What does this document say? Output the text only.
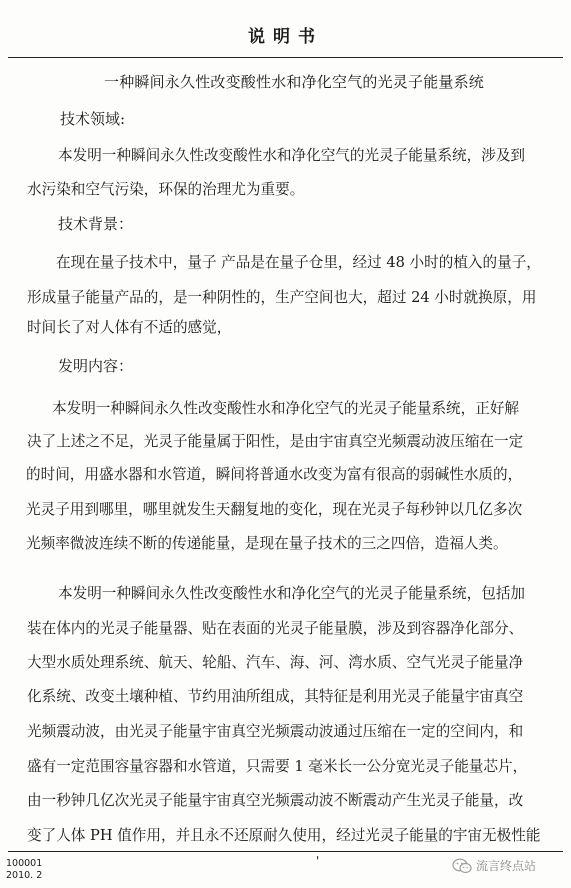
说明书
一种瞬间永久性改变酸性水和净化空气的光灵子能量系统
技术领域:
本发明一种瞬间永久性改变酸性水和净化空气的光灵子能量系统，涉及到
水污染和空气污染，环保的治理尤为重要。
技术背景：
在现在量子技术中，量子 产品是在量子仓里，经过 48 小时的植入的量子，
形成量子能量产品的，是一种阴性的，生产空间也大，超过 24 小时就换原，用
时间长了对人体有不适的感觉，
发明内容：
本发明一种瞬间永久性改变酸性水和净化空气的光灵子能量系统，正好解
决了上述之不足，光灵子能量属于阳性，是由宇宙真空光频震动波压缩在一定
的时间，用盛水器和水管道，瞬间将普通水改变为富有很高的弱碱性水质的，
光灵子用到哪里，哪里就发生天翻复地的变化，现在光灵子每秒钟以几亿多次
光频率微波连续不断的传递能量，是现在量子技术的三之四倍，造福人类。
本发明一种瞬间永久性改变酸性水和净化空气的光灵子能量系统，包括加
装在体内的光灵子能量器、贴在表面的光灵子能量膜，涉及到容器净化部分、
大型水质处理系统、航天、轮船、汽车、海、河、湾水质、空气光灵子能量净
化系统、改变土壤种植、节约用油所组成，其特征是利用光灵子能量宇宙真空
光频震动波，由光灵子能量宇宙真空光频震动波通过压缩在一定的空间内，和
盛有一定范围容量容器和水管道，只需要 1 毫米长一公分宽光灵子能量芯片，
由一秒钟几亿次光灵子能量宇宙真空光频震动波不断震动产生光灵子能量，改
变了人体 PH 值作用，并且永不还原耐久使用，经过光灵子能量的宇宙无极性能
100001
2010. 2
'	流言终点站
